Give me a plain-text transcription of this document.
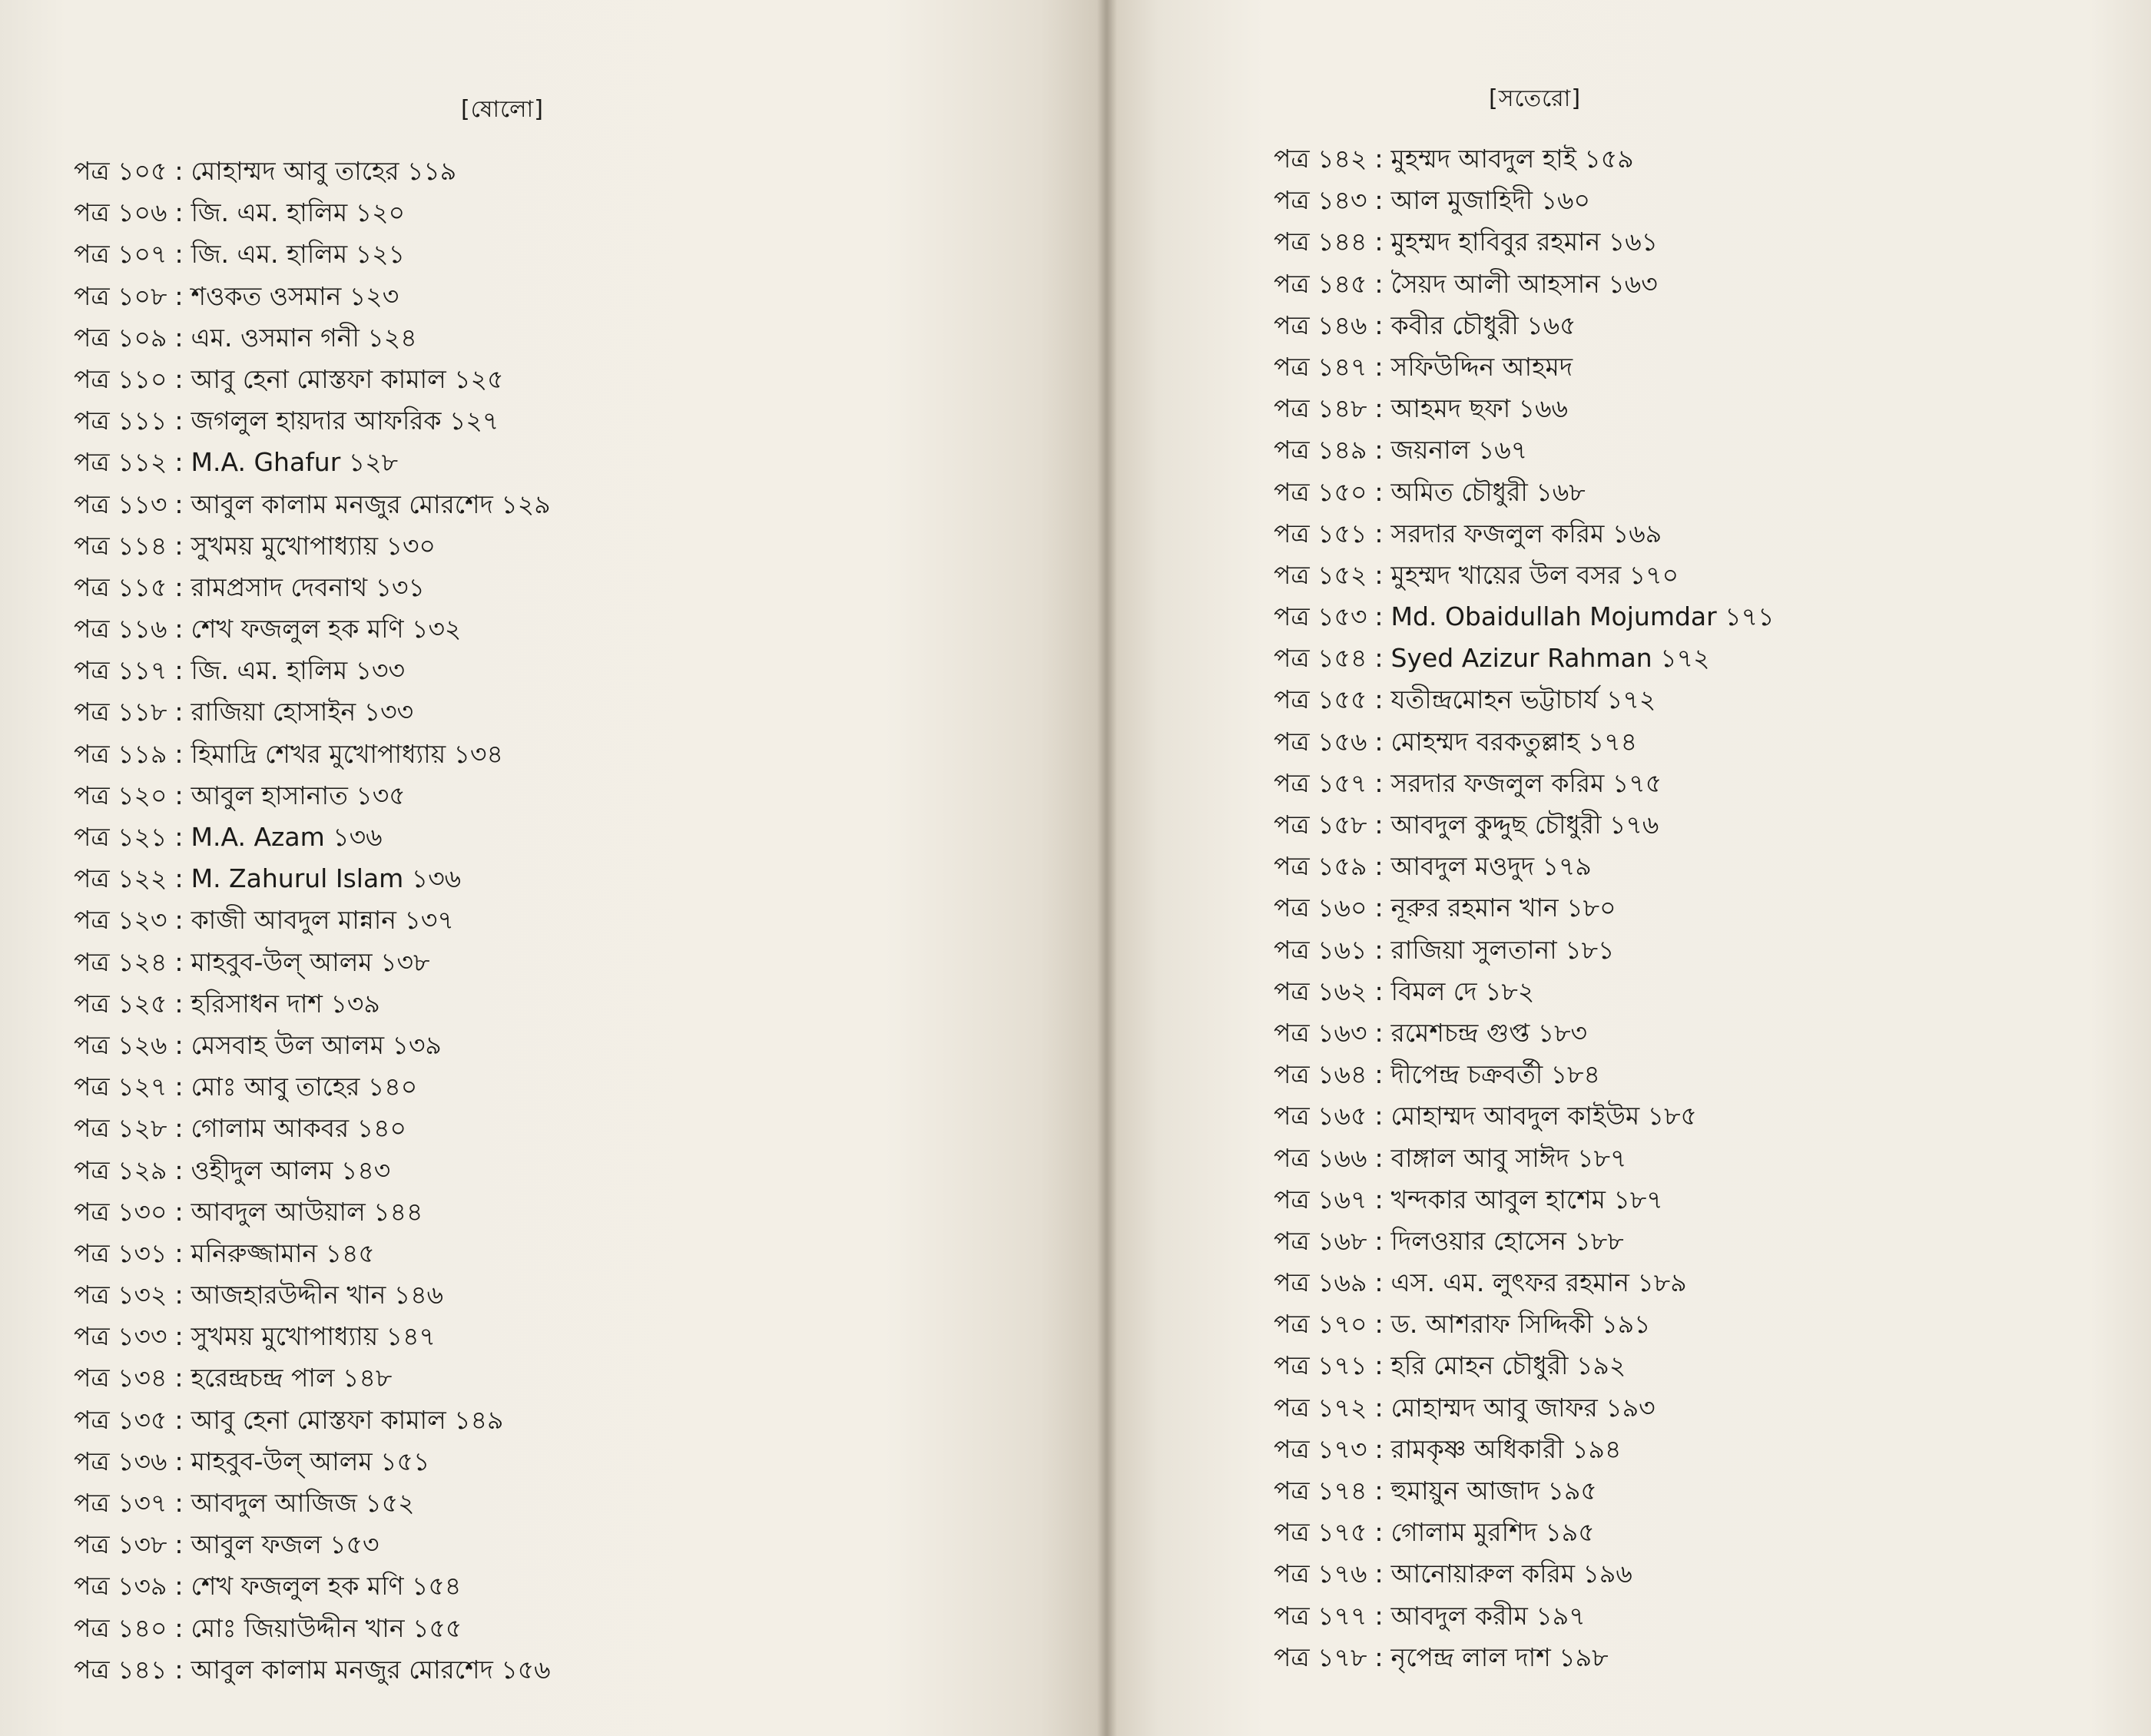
[ষোলো]
পত্র ১০৫ : মোহাম্মদ আবু তাহের ১১৯
পত্র ১০৬ : জি. এম. হালিম ১২০
পত্র ১০৭ : জি. এম. হালিম ১২১
পত্র ১০৮ : শওকত ওসমান ১২৩
পত্র ১০৯ : এম. ওসমান গনী ১২৪
পত্র ১১০ : আবু হেনা মোস্তফা কামাল ১২৫
পত্র ১১১ : জগলুল হায়দার আফরিক ১২৭
পত্র ১১২ : M.A. Ghafur ১২৮
পত্র ১১৩ : আবুল কালাম মনজুর মোরশেদ ১২৯
পত্র ১১৪ : সুখময় মুখোপাধ্যায় ১৩০
পত্র ১১৫ : রামপ্রসাদ দেবনাথ ১৩১
পত্র ১১৬ : শেখ ফজলুল হক মণি ১৩২
পত্র ১১৭ : জি. এম. হালিম ১৩৩
পত্র ১১৮ : রাজিয়া হোসাইন ১৩৩
পত্র ১১৯ : হিমাদ্রি শেখর মুখোপাধ্যায় ১৩৪
পত্র ১২০ : আবুল হাসানাত ১৩৫
পত্র ১২১ : M.A. Azam ১৩৬
পত্র ১২২ : M. Zahurul Islam ১৩৬
পত্র ১২৩ : কাজী আবদুল মান্নান ১৩৭
পত্র ১২৪ : মাহবুব-উল্ আলম ১৩৮
পত্র ১২৫ : হরিসাধন দাশ ১৩৯
পত্র ১২৬ : মেসবাহ উল আলম ১৩৯
পত্র ১২৭ : মোঃ আবু তাহের ১৪০
পত্র ১২৮ : গোলাম আকবর ১৪০
পত্র ১২৯ : ওহীদুল আলম ১৪৩
পত্র ১৩০ : আবদুল আউয়াল ১৪৪
পত্র ১৩১ : মনিরুজ্জামান ১৪৫
পত্র ১৩২ : আজহারউদ্দীন খান ১৪৬
পত্র ১৩৩ : সুখময় মুখোপাধ্যায় ১৪৭
পত্র ১৩৪ : হরেন্দ্রচন্দ্র পাল ১৪৮
পত্র ১৩৫ : আবু হেনা মোস্তফা কামাল ১৪৯
পত্র ১৩৬ : মাহবুব-উল্ আলম ১৫১
পত্র ১৩৭ : আবদুল আজিজ ১৫২
পত্র ১৩৮ : আবুল ফজল ১৫৩
পত্র ১৩৯ : শেখ ফজলুল হক মণি ১৫৪
পত্র ১৪০ : মোঃ জিয়াউদ্দীন খান ১৫৫
পত্র ১৪১ : আবুল কালাম মনজুর মোরশেদ ১৫৬
[সতেরো]
পত্র ১৪২ : মুহম্মদ আবদুল হাই ১৫৯
পত্র ১৪৩ : আল মুজাহিদী ১৬০
পত্র ১৪৪ : মুহম্মদ হাবিবুর রহমান ১৬১
পত্র ১৪৫ : সৈয়দ আলী আহসান ১৬৩
পত্র ১৪৬ : কবীর চৌধুরী ১৬৫
পত্র ১৪৭ : সফিউদ্দিন আহমদ
পত্র ১৪৮ : আহমদ ছফা ১৬৬
পত্র ১৪৯ : জয়নাল ১৬৭
পত্র ১৫০ : অমিত চৌধুরী ১৬৮
পত্র ১৫১ : সরদার ফজলুল করিম ১৬৯
পত্র ১৫২ : মুহম্মদ খায়ের উল বসর ১৭০
পত্র ১৫৩ : Md. Obaidullah Mojumdar ১৭১
পত্র ১৫৪ : Syed Azizur Rahman ১৭২
পত্র ১৫৫ : যতীন্দ্রমোহন ভট্টাচার্য ১৭২
পত্র ১৫৬ : মোহম্মদ বরকতুল্লাহ ১৭৪
পত্র ১৫৭ : সরদার ফজলুল করিম ১৭৫
পত্র ১৫৮ : আবদুল কুদ্দুছ চৌধুরী ১৭৬
পত্র ১৫৯ : আবদুল মওদুদ ১৭৯
পত্র ১৬০ : নূরুর রহমান খান ১৮০
পত্র ১৬১ : রাজিয়া সুলতানা ১৮১
পত্র ১৬২ : বিমল দে ১৮২
পত্র ১৬৩ : রমেশচন্দ্র গুপ্ত ১৮৩
পত্র ১৬৪ : দীপেন্দ্র চক্রবর্তী ১৮৪
পত্র ১৬৫ : মোহাম্মদ আবদুল কাইউম ১৮৫
পত্র ১৬৬ : বাঙ্গাল আবু সাঈদ ১৮৭
পত্র ১৬৭ : খন্দকার আবুল হাশেম ১৮৭
পত্র ১৬৮ : দিলওয়ার হোসেন ১৮৮
পত্র ১৬৯ : এস. এম. লুৎফর রহমান ১৮৯
পত্র ১৭০ : ড. আশরাফ সিদ্দিকী ১৯১
পত্র ১৭১ : হরি মোহন চৌধুরী ১৯২
পত্র ১৭২ : মোহাম্মদ আবু জাফর ১৯৩
পত্র ১৭৩ : রামকৃষ্ণ অধিকারী ১৯৪
পত্র ১৭৪ : হুমায়ুন আজাদ ১৯৫
পত্র ১৭৫ : গোলাম মুরশিদ ১৯৫
পত্র ১৭৬ : আনোয়ারুল করিম ১৯৬
পত্র ১৭৭ : আবদুল করীম ১৯৭
পত্র ১৭৮ : নৃপেন্দ্র লাল দাশ ১৯৮
